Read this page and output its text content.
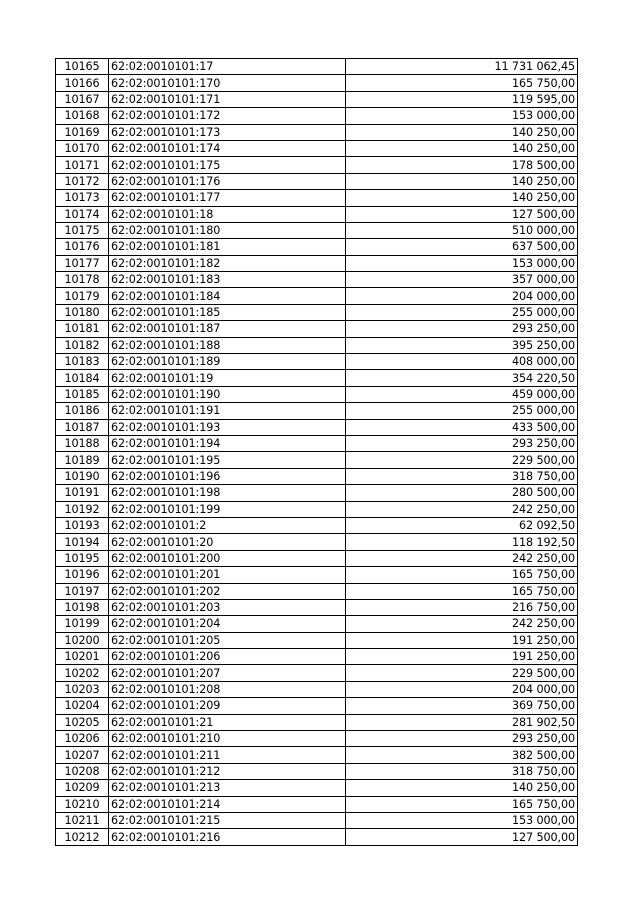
10165	62:02:0010101:17	11 731 062,45
10166	62:02:0010101:170	165 750,00
10167	62:02:0010101:171	119 595,00
10168	62:02:0010101:172	153 000,00
10169	62:02:0010101:173	140 250,00
10170	62:02:0010101:174	140 250,00
10171	62:02:0010101:175	178 500,00
10172	62:02:0010101:176	140 250,00
10173	62:02:0010101:177	140 250,00
10174	62:02:0010101:18	127 500,00
10175	62:02:0010101:180	510 000,00
10176	62:02:0010101:181	637 500,00
10177	62:02:0010101:182	153 000,00
10178	62:02:0010101:183	357 000,00
10179	62:02:0010101:184	204 000,00
10180	62:02:0010101:185	255 000,00
10181	62:02:0010101:187	293 250,00
10182	62:02:0010101:188	395 250,00
10183	62:02:0010101:189	408 000,00
10184	62:02:0010101:19	354 220,50
10185	62:02:0010101:190	459 000,00
10186	62:02:0010101:191	255 000,00
10187	62:02:0010101:193	433 500,00
10188	62:02:0010101:194	293 250,00
10189	62:02:0010101:195	229 500,00
10190	62:02:0010101:196	318 750,00
10191	62:02:0010101:198	280 500,00
10192	62:02:0010101:199	242 250,00
10193	62:02:0010101:2	62 092,50
10194	62:02:0010101:20	118 192,50
10195	62:02:0010101:200	242 250,00
10196	62:02:0010101:201	165 750,00
10197	62:02:0010101:202	165 750,00
10198	62:02:0010101:203	216 750,00
10199	62:02:0010101:204	242 250,00
10200	62:02:0010101:205	191 250,00
10201	62:02:0010101:206	191 250,00
10202	62:02:0010101:207	229 500,00
10203	62:02:0010101:208	204 000,00
10204	62:02:0010101:209	369 750,00
10205	62:02:0010101:21	281 902,50
10206	62:02:0010101:210	293 250,00
10207	62:02:0010101:211	382 500,00
10208	62:02:0010101:212	318 750,00
10209	62:02:0010101:213	140 250,00
10210	62:02:0010101:214	165 750,00
10211	62:02:0010101:215	153 000,00
10212	62:02:0010101:216	127 500,00
